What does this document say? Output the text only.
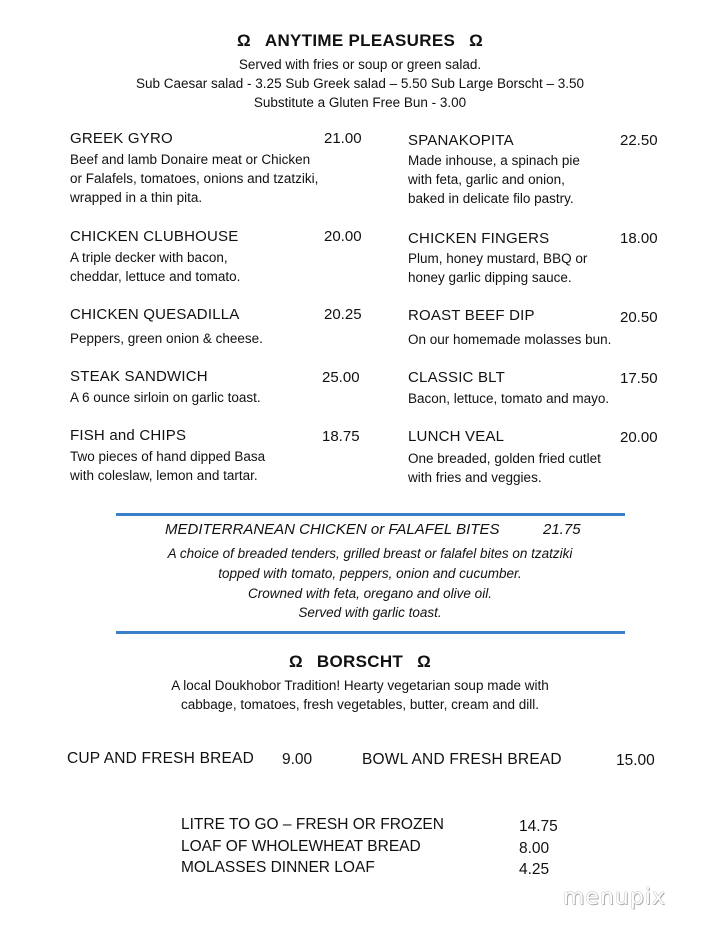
Ω ANYTIME PLEASURES Ω
Served with fries or soup or green salad.
Sub Caesar salad - 3.25 Sub Greek salad – 5.50 Sub Large Borscht – 3.50
Substitute a Gluten Free Bun - 3.00
GREEK GYRO	21.00
Beef and lamb Donaire meat or Chicken
or Falafels, tomatoes, onions and tzatziki,
wrapped in a thin pita.
CHICKEN CLUBHOUSE	20.00
A triple decker with bacon,
cheddar, lettuce and tomato.
CHICKEN QUESADILLA	20.25
Peppers, green onion & cheese.
STEAK SANDWICH	25.00
A 6 ounce sirloin on garlic toast.
FISH and CHIPS	18.75
Two pieces of hand dipped Basa
with coleslaw, lemon and tartar.
SPANAKOPITA	22.50
Made inhouse, a spinach pie
with feta, garlic and onion,
baked in delicate filo pastry.
CHICKEN FINGERS	18.00
Plum, honey mustard, BBQ or
honey garlic dipping sauce.
ROAST BEEF DIP	20.50
On our homemade molasses bun.
CLASSIC BLT	17.50
Bacon, lettuce, tomato and mayo.
LUNCH VEAL	20.00
One breaded, golden fried cutlet
with fries and veggies.
MEDITERRANEAN CHICKEN or FALAFEL BITES	21.75
A choice of breaded tenders, grilled breast or falafel bites on tzatziki
topped with tomato, peppers, onion and cucumber.
Crowned with feta, oregano and olive oil.
Served with garlic toast.
Ω BORSCHT Ω
A local Doukhobor Tradition! Hearty vegetarian soup made with
cabbage, tomatoes, fresh vegetables, butter, cream and dill.
CUP AND FRESH BREAD 9.00	BOWL AND FRESH BREAD	15.00
LITRE TO GO – FRESH OR FROZEN	14.75
LOAF OF WHOLEWHEAT BREAD	8.00
MOLASSES DINNER LOAF	4.25
menupix
